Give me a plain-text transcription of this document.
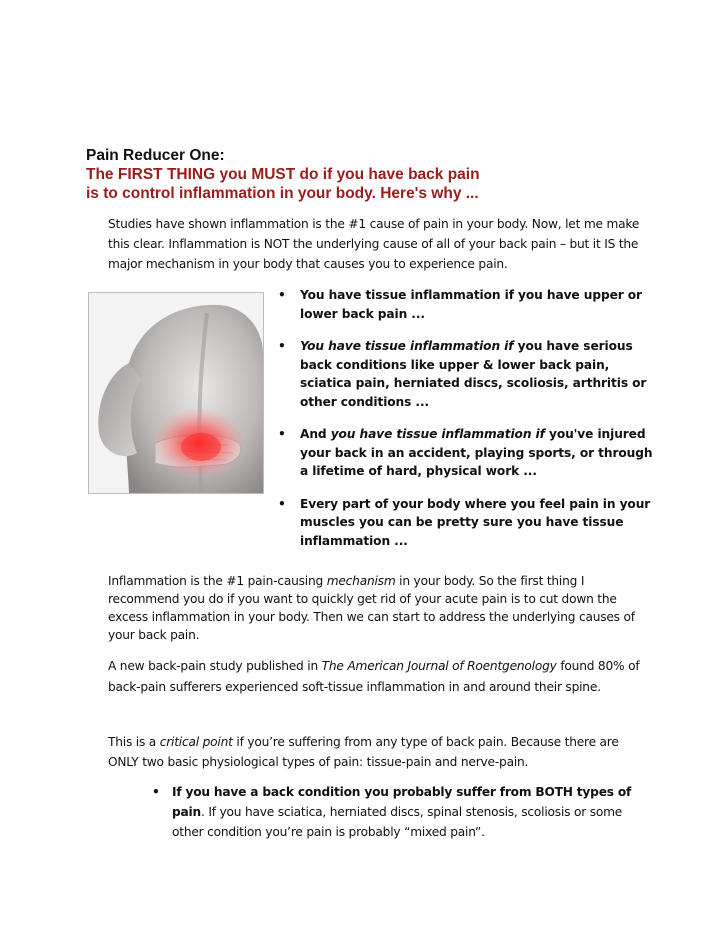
Pain Reducer One:
The FIRST THING you MUST do if you have back pain
is to control inflammation in your body. Here's why ...
Studies have shown inflammation is the #1 cause of pain in your body. Now, let me make this clear. Inflammation is NOT the underlying cause of all of your back pain – but it IS the major mechanism in your body that causes you to experience pain.
• You have tissue inflammation if you have upper or lower back pain ...
• You have tissue inflammation if you have serious back conditions like upper & lower back pain, sciatica pain, herniated discs, scoliosis, arthritis or other conditions ...
• And you have tissue inflammation if you've injured your back in an accident, playing sports, or through a lifetime of hard, physical work ...
• Every part of your body where you feel pain in your muscles you can be pretty sure you have tissue inflammation ...
Inflammation is the #1 pain-causing mechanism in your body. So the first thing I recommend you do if you want to quickly get rid of your acute pain is to cut down the excess inflammation in your body. Then we can start to address the underlying causes of your back pain.
A new back-pain study published in The American Journal of Roentgenology found 80% of back-pain sufferers experienced soft-tissue inflammation in and around their spine.
This is a critical point if you’re suffering from any type of back pain. Because there are ONLY two basic physiological types of pain: tissue-pain and nerve-pain.
• If you have a back condition you probably suffer from BOTH types of pain. If you have sciatica, herniated discs, spinal stenosis, scoliosis or some other condition you’re pain is probably “mixed pain”.
